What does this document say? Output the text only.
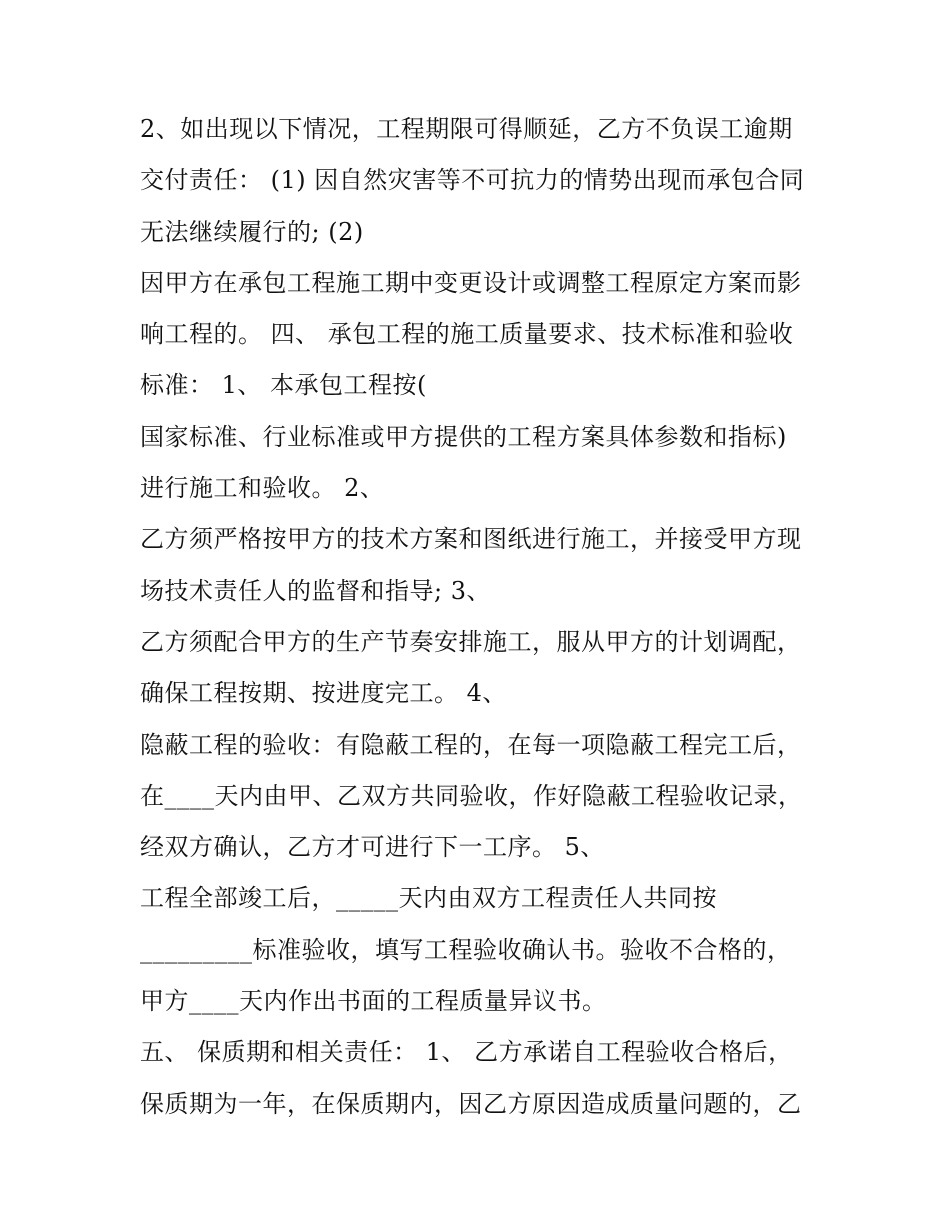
2、如出现以下情况，工程期限可得顺延，乙方不负误工逾期
交付责任： (1) 因自然灾害等不可抗力的情势出现而承包合同
无法继续履行的; (2)
因甲方在承包工程施工期中变更设计或调整工程原定方案而影
响工程的。 四、 承包工程的施工质量要求、技术标准和验收
标准： 1、 本承包工程按(
国家标准、行业标准或甲方提供的工程方案具体参数和指标)
进行施工和验收。 2、
乙方须严格按甲方的技术方案和图纸进行施工，并接受甲方现
场技术责任人的监督和指导; 3、
乙方须配合甲方的生产节奏安排施工，服从甲方的计划调配，
确保工程按期、按进度完工。 4、
隐蔽工程的验收：有隐蔽工程的，在每一项隐蔽工程完工后，
在____天内由甲、乙双方共同验收，作好隐蔽工程验收记录，
经双方确认，乙方才可进行下一工序。 5、
工程全部竣工后，_____天内由双方工程责任人共同按
_________标准验收，填写工程验收确认书。验收不合格的，
甲方____天内作出书面的工程质量异议书。
五、 保质期和相关责任： 1、 乙方承诺自工程验收合格后，
保质期为一年，在保质期内，因乙方原因造成质量问题的，乙
